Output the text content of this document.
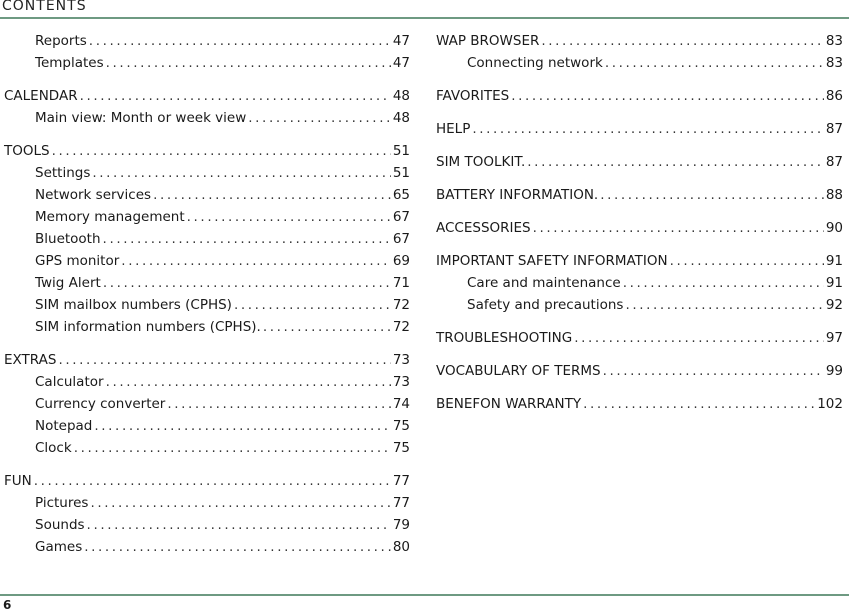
CONTENTS
Reports .....	47
Templates .....	47
CALENDAR .....	48
Main view: Month or week view .....	48
TOOLS .....	51
Settings .....	51
Network services .....	65
Memory management .....	67
Bluetooth .....	67
GPS monitor .....	69
Twig Alert .....	71
SIM mailbox numbers (CPHS) .....	72
SIM information numbers (CPHS). .....	72
EXTRAS .....	73
Calculator .....	73
Currency converter .....	74
Notepad .....	75
Clock .....	75
FUN .....	77
Pictures .....	77
Sounds .....	79
Games .....	80
WAP BROWSER .....	83
Connecting network .....	83
FAVORITES .....	86
HELP .....	87
SIM TOOLKIT. .....	87
BATTERY INFORMATION. .....	88
ACCESSORIES .....	90
IMPORTANT SAFETY INFORMATION .....	91
Care and maintenance .....	91
Safety and precautions .....	92
TROUBLESHOOTING .....	97
VOCABULARY OF TERMS .....	99
BENEFON WARRANTY .....	102
6
